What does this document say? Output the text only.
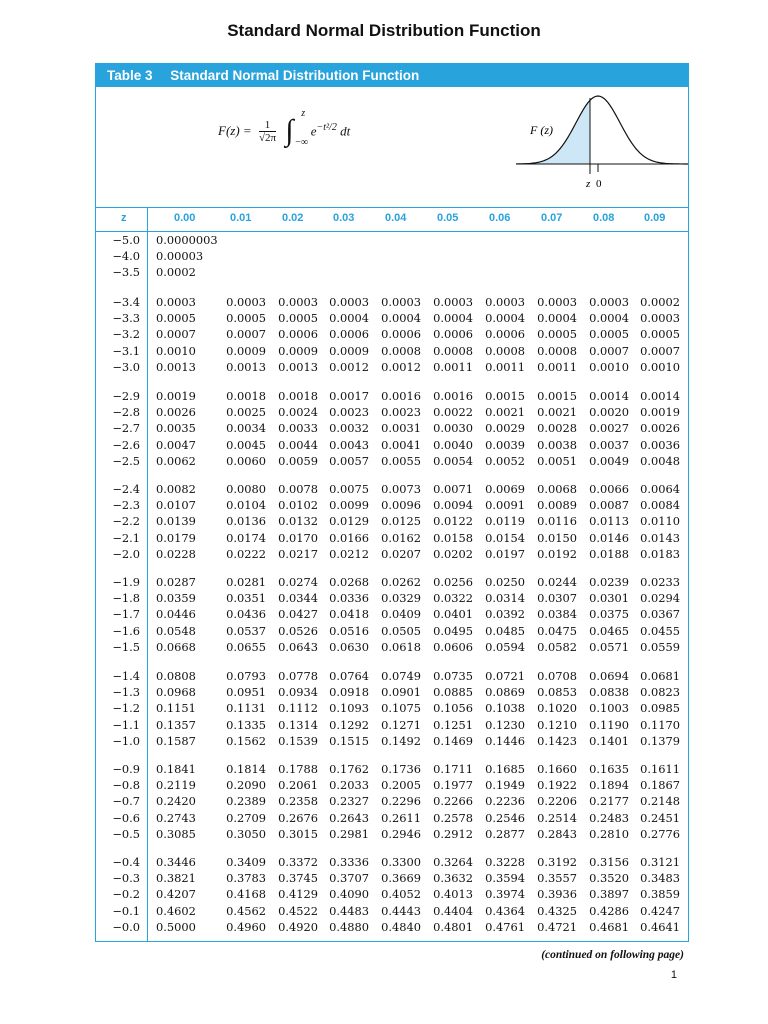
Standard Normal Distribution Function
Table 3 Standard Normal Distribution Function
$F(z) = \frac{1}{√2\pi}$ ∫
z
−∞
$e^{-t^2/2}$ dt	F (z)
z 0
z	0.00	0.01	0.02	0.03	0.04	0.05	0.06	0.07	0.08	0.09
−5.0 0.0000003
−4.0 0.00003
−3.5 0.0002
−3.4 0.0003	0.0003	0.0003 0.0003	0.0003	0.0003	0.0003	0.0003	0.0003 0.0002
−3.3 0.0005	0.0005	0.0005 0.0004	0.0004	0.0004	0.0004	0.0004	0.0004 0.0003
−3.2 0.0007	0.0007	0.0006 0.0006	0.0006	0.0006	0.0006	0.0005	0.0005 0.0005
−3.1 0.0010	0.0009	0.0009 0.0009	0.0008	0.0008	0.0008	0.0008	0.0007 0.0007
−3.0 0.0013	0.0013	0.0013 0.0012	0.0012	0.0011	0.0011	0.0011	0.0010 0.0010
−2.9 0.0019	0.0018	0.0018 0.0017	0.0016	0.0016	0.0015	0.0015	0.0014 0.0014
−2.8 0.0026	0.0025	0.0024 0.0023	0.0023	0.0022	0.0021	0.0021	0.0020 0.0019
−2.7 0.0035	0.0034	0.0033 0.0032	0.0031	0.0030	0.0029	0.0028	0.0027 0.0026
−2.6 0.0047	0.0045	0.0044 0.0043	0.0041	0.0040	0.0039	0.0038	0.0037 0.0036
−2.5 0.0062	0.0060	0.0059 0.0057	0.0055	0.0054	0.0052	0.0051	0.0049 0.0048
−2.4 0.0082	0.0080	0.0078 0.0075	0.0073	0.0071	0.0069	0.0068	0.0066 0.0064
−2.3 0.0107	0.0104	0.0102 0.0099	0.0096	0.0094	0.0091	0.0089	0.0087 0.0084
−2.2 0.0139	0.0136	0.0132 0.0129	0.0125	0.0122	0.0119	0.0116	0.0113 0.0110
−2.1 0.0179	0.0174	0.0170 0.0166	0.0162	0.0158	0.0154	0.0150	0.0146 0.0143
−2.0 0.0228	0.0222	0.0217 0.0212	0.0207	0.0202	0.0197	0.0192	0.0188 0.0183
−1.9 0.0287	0.0281	0.0274 0.0268	0.0262	0.0256	0.0250	0.0244	0.0239 0.0233
−1.8 0.0359	0.0351	0.0344 0.0336	0.0329	0.0322	0.0314	0.0307	0.0301 0.0294
−1.7 0.0446	0.0436	0.0427 0.0418	0.0409	0.0401	0.0392	0.0384	0.0375 0.0367
−1.6 0.0548	0.0537	0.0526 0.0516	0.0505	0.0495	0.0485	0.0475	0.0465 0.0455
−1.5 0.0668	0.0655	0.0643 0.0630	0.0618	0.0606	0.0594	0.0582	0.0571 0.0559
−1.4 0.0808	0.0793	0.0778 0.0764	0.0749	0.0735	0.0721	0.0708	0.0694 0.0681
−1.3 0.0968	0.0951	0.0934 0.0918	0.0901	0.0885	0.0869	0.0853	0.0838 0.0823
−1.2 0.1151	0.1131	0.1112 0.1093	0.1075	0.1056	0.1038	0.1020	0.1003 0.0985
−1.1 0.1357	0.1335	0.1314 0.1292	0.1271	0.1251	0.1230	0.1210	0.1190 0.1170
−1.0 0.1587	0.1562	0.1539 0.1515	0.1492	0.1469	0.1446	0.1423	0.1401 0.1379
−0.9 0.1841	0.1814	0.1788 0.1762	0.1736	0.1711	0.1685	0.1660	0.1635 0.1611
−0.8 0.2119	0.2090	0.2061 0.2033	0.2005	0.1977	0.1949	0.1922	0.1894 0.1867
−0.7 0.2420	0.2389	0.2358 0.2327	0.2296	0.2266	0.2236	0.2206	0.2177 0.2148
−0.6 0.2743	0.2709	0.2676 0.2643	0.2611	0.2578	0.2546	0.2514	0.2483 0.2451
−0.5 0.3085	0.3050	0.3015 0.2981	0.2946	0.2912	0.2877	0.2843	0.2810 0.2776
−0.4 0.3446	0.3409	0.3372 0.3336	0.3300	0.3264	0.3228	0.3192	0.3156 0.3121
−0.3 0.3821	0.3783	0.3745 0.3707	0.3669	0.3632	0.3594	0.3557	0.3520 0.3483
−0.2 0.4207	0.4168	0.4129 0.4090	0.4052	0.4013	0.3974	0.3936	0.3897 0.3859
−0.1 0.4602	0.4562	0.4522 0.4483	0.4443	0.4404	0.4364	0.4325	0.4286 0.4247
−0.0 0.5000	0.4960	0.4920 0.4880	0.4840	0.4801	0.4761	0.4721	0.4681 0.4641
(continued on following page)
1
